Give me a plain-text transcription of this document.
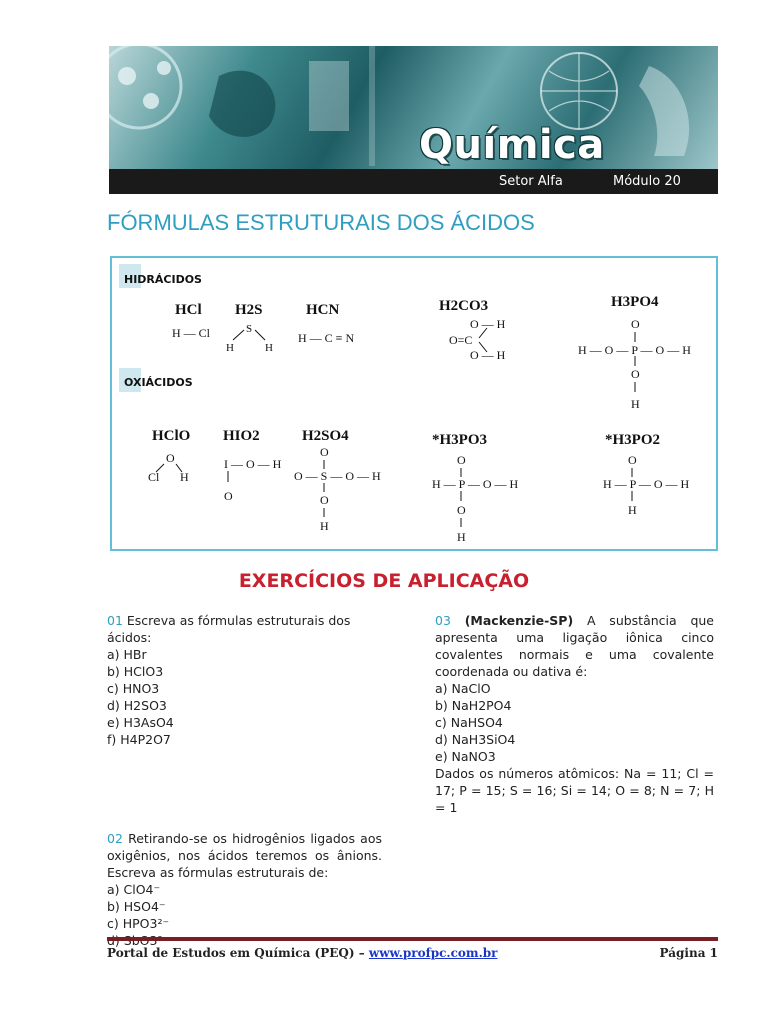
Química
Setor Alfa	Módulo 20
FÓRMULAS ESTRUTURAIS DOS ÁCIDOS
HIDRÁCIDOS
OXIÁCIDOS
HCl
H — Cl
H2S
S
H	H
HCN
H — C ≡ N
H2CO3
O — H
O=C
O — H
H3PO4
O
H — O — P — O — H
O
H
HClO
O
Cl H
HIO2
I — O — H
O
H2SO4
O
O — S — O — H
O
H
*H3PO3
O
H — P — O — H
O
H
*H3PO2
O
H — P — O — H
H
EXERCÍCIOS DE APLICAÇÃO

01 Escreva as fórmulas estruturais dos ácidos:

a) HBr

b) HClO3

c) HNO3

d) H2SO3

e) H3AsO4

f) H4P2O7

02 Retirando-se os hidrogênios ligados aos oxigênios, nos ácidos teremos os ânions. Escreva as fórmulas estruturais de:

a) ClO4⁻

b) HSO4⁻

c) HPO3²⁻

03 (Mackenzie-SP) A substância que apresenta uma ligação iônica cinco covalentes normais e uma covalente coordenada ou dativa é:

a) NaClO

b) NaH2PO4

c) NaHSO4

d) NaH3SiO4

e) NaNO3

Dados os números atômicos: Na = 11; Cl = 17; P = 15; S = 16; Si = 14; O = 8; N = 7; H = 1

Portal de Estudos em Química (PEQ) – www.profpc.com.br	Página 1
